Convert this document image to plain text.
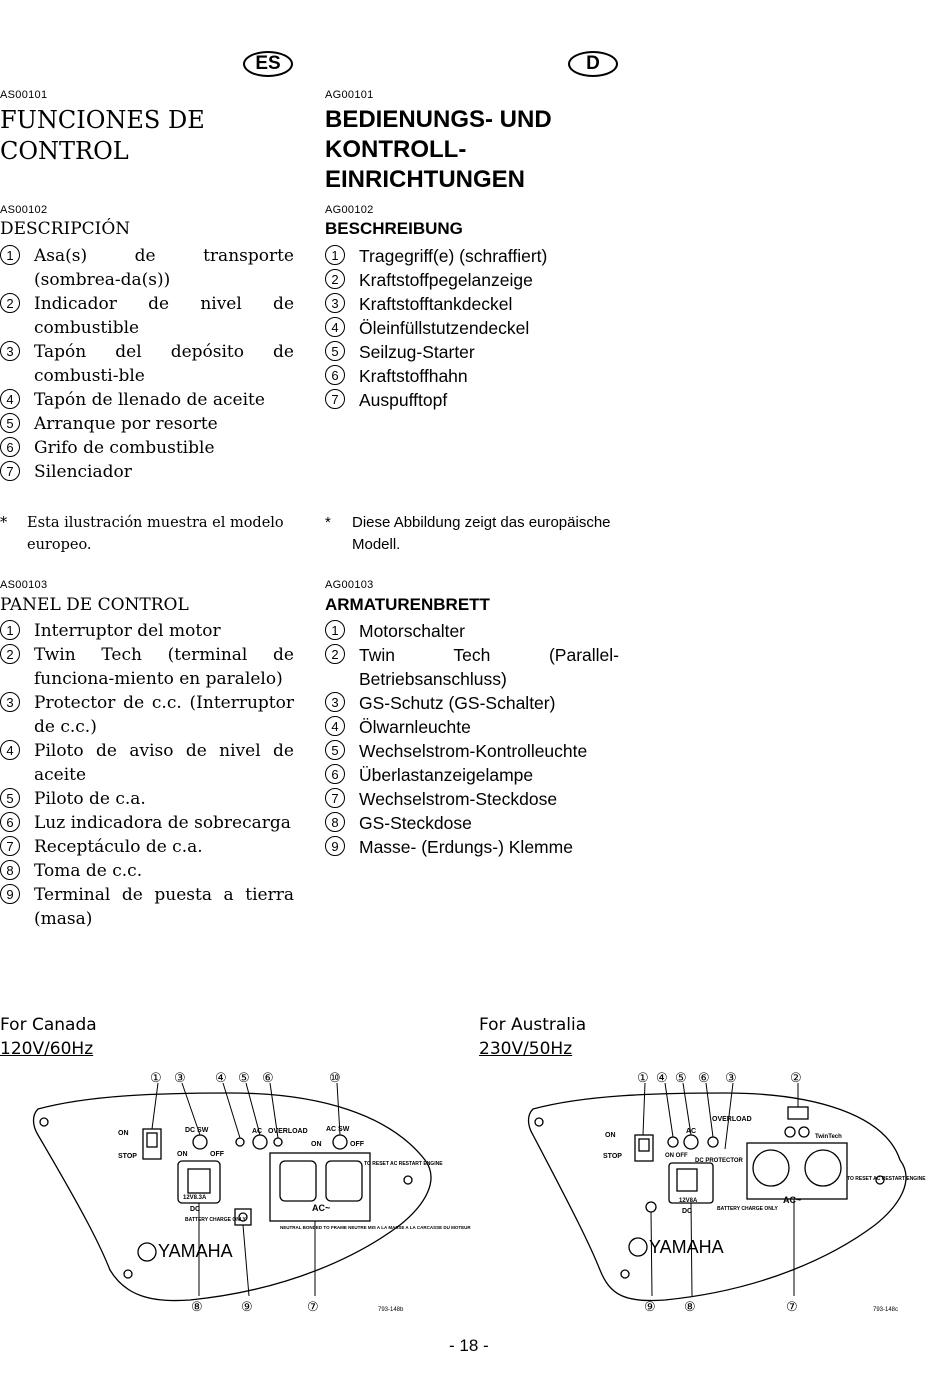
ES	D
AS00101
FUNCIONES DE CONTROL
AS00102
DESCRIPCIÓN
1	Asa(s) de transporte (sombrea-da(s))
2	Indicador de nivel de combustible
3	Tapón del depósito de combusti-ble
4	Tapón de llenado de aceite
5	Arranque por resorte
6	Grifo de combustible
7	Silenciador
* Esta ilustración muestra el modelo europeo.
AS00103
PANEL DE CONTROL
1	Interruptor del motor
2	Twin Tech (terminal de funciona-miento en paralelo)
3	Protector de c.c. (Interruptor de c.c.)
4	Piloto de aviso de nivel de aceite
5	Piloto de c.a.
6	Luz indicadora de sobrecarga
7	Receptáculo de c.a.
8	Toma de c.c.
9	Terminal de puesta a tierra (masa)
AG00101
BEDIENUNGS- UND KONTROLL-EINRICHTUNGEN
AG00102
BESCHREIBUNG
1	Tragegriff(e) (schraffiert)
2	Kraftstoffpegelanzeige
3	Kraftstofftankdeckel
4	Öleinfüllstutzendeckel
5	Seilzug-Starter
6	Kraftstoffhahn
7	Auspufftopf
* Diese Abbildung zeigt das europäische Modell.
AG00103
ARMATURENBRETT
1	Motorschalter
2	Twin Tech (Parallel-Betriebsanschluss)
3	GS-Schutz (GS-Schalter)
4	Ölwarnleuchte
5	Wechselstrom-Kontrolleuchte
6	Überlastanzeigelampe
7	Wechselstrom-Steckdose
8	GS-Steckdose
9	Masse- (Erdungs-) Klemme
For Canada
120V/60Hz
For Australia
230V/50Hz
ON
STOP
DC SW
ON	OFF
AC OVERLOAD	AC SW
ON	OFF
12V8.3A
DC
BATTERY CHARGE ONLY
AC~
TO RESET AC RESTART ENGINE
NEUTRAL BONDED TO FRAME NEUTRE MIS A LA MASSE A LA CARCASSE DU MOTEUR
YAMAHA
① ③ ④ ⑤ ⑥	⑩
⑧	⑨	⑦	793-148b
ON
STOP
AC
OVERLOAD
ON OFF
DC PROTECTOR
12V8A
DC	BATTERY CHARGE ONLY
AC~
TO RESET AC RESTART ENGINE
TwinTech
YAMAHA
① ④ ⑤ ⑥ ③	②
⑨ ⑧	⑦	793-148c
- 18 -
